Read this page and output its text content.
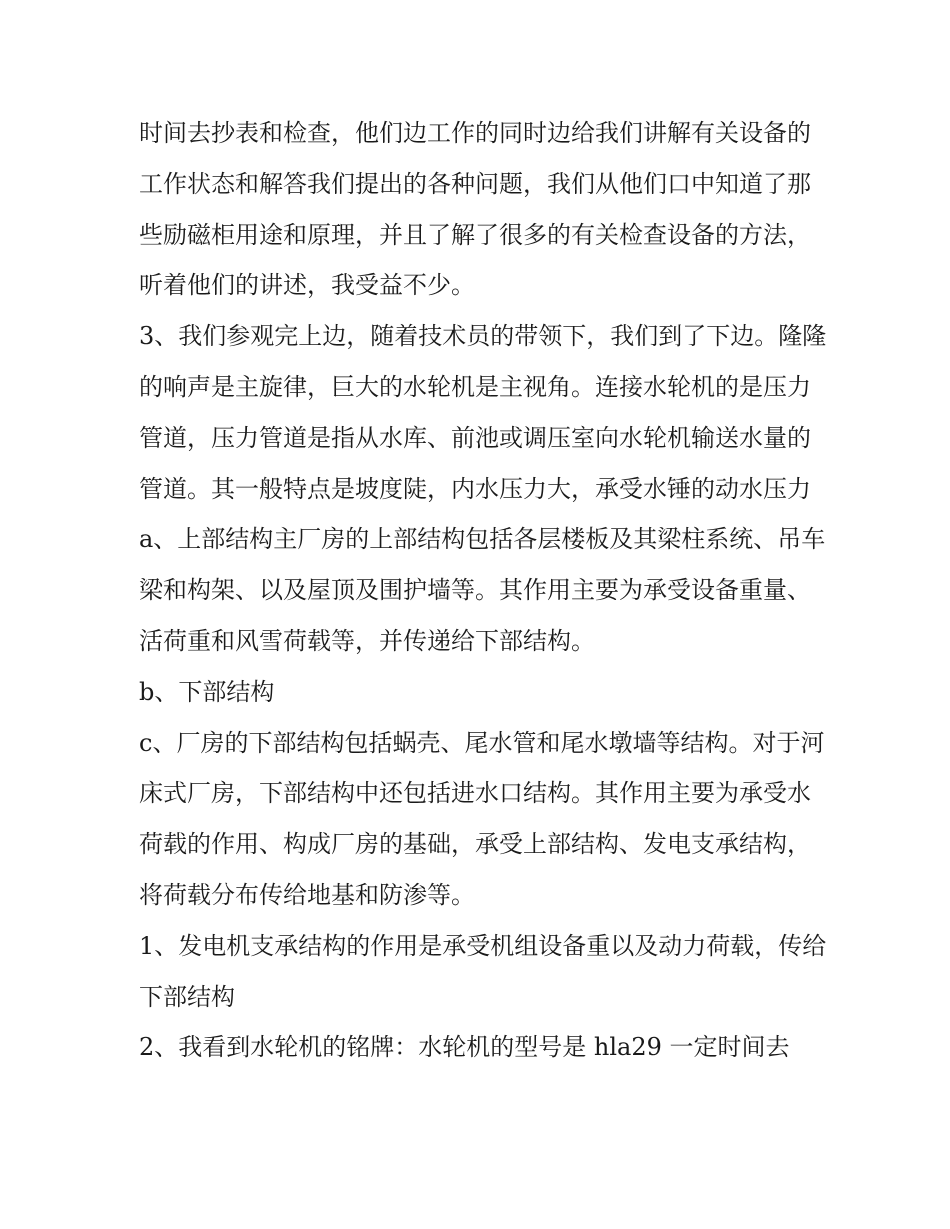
时间去抄表和检查，他们边工作的同时边给我们讲解有关设备的工作状态和解答我们提出的各种问题，我们从他们口中知道了那些励磁柜用途和原理，并且了解了很多的有关检查设备的方法，听着他们的讲述，我受益不少。

3、我们参观完上边，随着技术员的带领下，我们到了下边。隆隆的响声是主旋律，巨大的水轮机是主视角。连接水轮机的是压力管道，压力管道是指从水库、前池或调压室向水轮机输送水量的管道。其一般特点是坡度陡，内水压力大，承受水锤的动水压力

a、上部结构主厂房的上部结构包括各层楼板及其梁柱系统、吊车梁和构架、以及屋顶及围护墙等。其作用主要为承受设备重量、活荷重和风雪荷载等，并传递给下部结构。

b、下部结构

c、厂房的下部结构包括蜗壳、尾水管和尾水墩墙等结构。对于河床式厂房，下部结构中还包括进水口结构。其作用主要为承受水荷载的作用、构成厂房的基础，承受上部结构、发电支承结构，将荷载分布传给地基和防渗等。

1、发电机支承结构的作用是承受机组设备重以及动力荷载，传给下部结构

2、我看到水轮机的铭牌：水轮机的型号是 hla29 一定时间去
